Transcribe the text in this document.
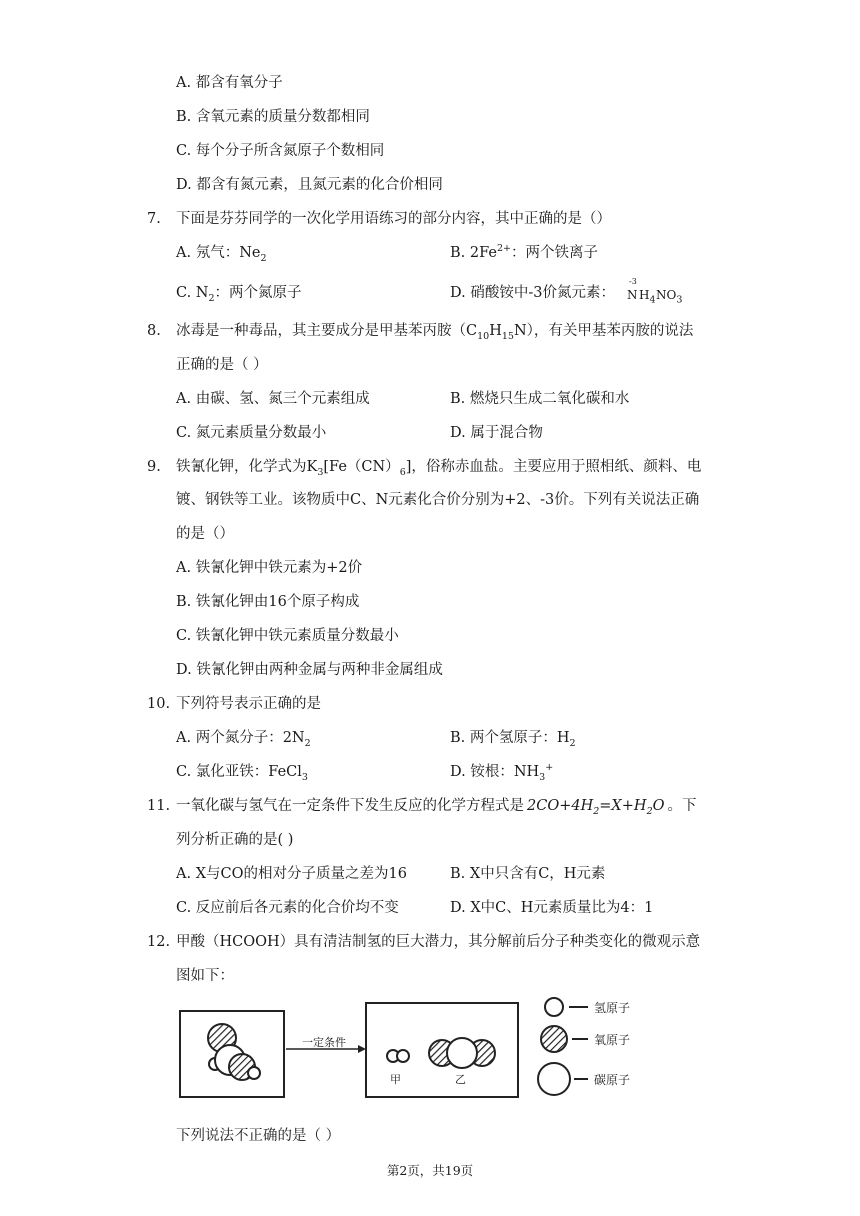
A. 都含有氧分子
B. 含氧元素的质量分数都相同
C. 每个分子所含氮原子个数相同
D. 都含有氮元素，且氮元素的化合价相同
7. 下面是芬芬同学的一次化学用语练习的部分内容，其中正确的是（）
A. 氖气：$Ne_2$	B. $2Fe^{2+}$：两个铁离子
C. $N_2$：两个氮原子	D. 硝酸铵中-3价氮元素：
-3
N $H_4$ $NO_3$
8. 冰毒是一种毒品，其主要成分是甲基苯丙胺$(C_{10}H_{15}N)$，有关甲基苯丙胺的说法
正确的是（ ）
A. 由碳、氢、氮三个元素组成	B. 燃烧只生成二氧化碳和水
C. 氮元素质量分数最小	D. 属于混合物
9. 铁氰化钾，化学式为$K_3[Fe(CN)_6]$，俗称赤血盐。主要应用于照相纸、颜料、电
镀、钢铁等工业。该物质中C、N元素化合价分别为+2、-3价。下列有关说法正确
的是（）
A. 铁氰化钾中铁元素为+2价
B. 铁氰化钾由16个原子构成
C. 铁氰化钾中铁元素质量分数最小
D. 铁氰化钾由两种金属与两种非金属组成
10. 下列符号表示正确的是
A. 两个氮分子：$2N_2$	B. 两个氢原子：$H_2$
C. 氯化亚铁：FeCl$_3$	D. 铵根：$NH_3^+$
11. 一氧化碳与氢气在一定条件下发生反应的化学方程式是 $2CO+4H_2=X+H_2O$ 。下
列分析正确的是( )
A. X与CO的相对分子质量之差为16	B. X中只含有C，H元素
C. 反应前后各元素的化合价均不变	D. X中C、H元素质量比为4：1
12. 甲酸（HCOOH）具有清洁制氢的巨大潜力，其分解前后分子种类变化的微观示意
图如下：
一定条件
甲	乙
氢原子
氧原子
碳原子
下列说法不正确的是（ ）
第2页，共19页
